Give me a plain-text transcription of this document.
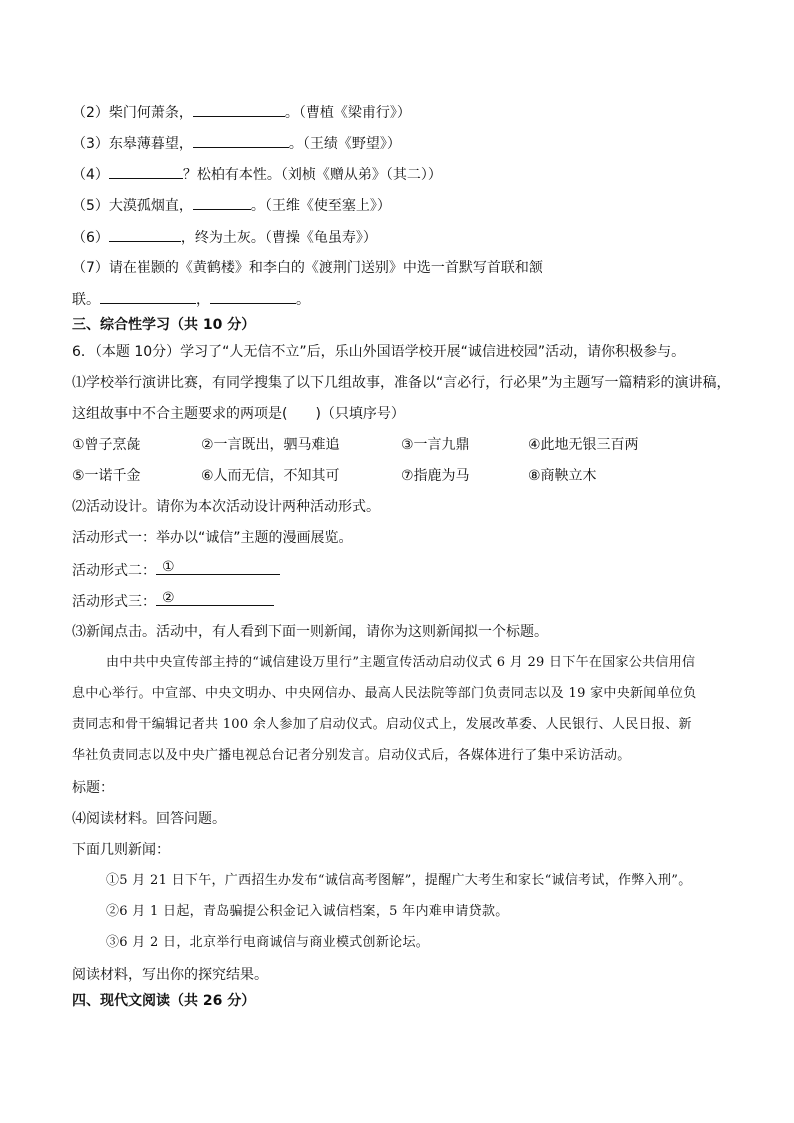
（2）柴门何萧条，	。（曹植《梁甫行》）
（3）东皋薄暮望，	。（王绩《野望》）
（4）	？松柏有本性。（刘桢《赠从弟》（其二））
（5）大漠孤烟直，	。（王维《使至塞上》）
（6）	，终为土灰。（曹操《龟虽寿》）
（7）请在崔颢的《黄鹤楼》和李白的《渡荆门送别》中选一首默写首联和颔
联。	，	。
三、综合性学习（共 10 分）
6．（本题 10分）学习了“人无信不立”后，乐山外国语学校开展“诚信进校园”活动，请你积极参与。
⑴学校举行演讲比赛，有同学搜集了以下几组故事，准备以“言必行，行必果”为主题写一篇精彩的演讲稿，
这组故事中不合主题要求的两项是(　　)（只填序号）
①曾子烹彘	②一言既出，驷马难追	③一言九鼎	④此地无银三百两
⑤一诺千金	⑥人而无信，不知其可	⑦指鹿为马	⑧商鞅立木
⑵活动设计。请你为本次活动设计两种活动形式。
活动形式一：举办以“诚信”主题的漫画展览。
活动形式二： ①
活动形式三： ②
⑶新闻点击。活动中，有人看到下面一则新闻，请你为这则新闻拟一个标题。
由中共中央宣传部主持的“诚信建设万里行”主题宣传活动启动仪式 6 月 29 日下午在国家公共信用信
息中心举行。中宣部、中央文明办、中央网信办、最高人民法院等部门负责同志以及 19 家中央新闻单位负
责同志和骨干编辑记者共 100 余人参加了启动仪式。启动仪式上，发展改革委、人民银行、人民日报、新
华社负责同志以及中央广播电视总台记者分别发言。启动仪式后，各媒体进行了集中采访活动。
标题：
⑷阅读材料。回答问题。
下面几则新闻：
①5 月 21 日下午，广西招生办发布“诚信高考图解”，提醒广大考生和家长“诚信考试，作弊入刑”。
②6 月 1 日起，青岛骗提公积金记入诚信档案，5 年内难申请贷款。
③6 月 2 日，北京举行电商诚信与商业模式创新论坛。
阅读材料，写出你的探究结果。
四、现代文阅读（共 26 分）
